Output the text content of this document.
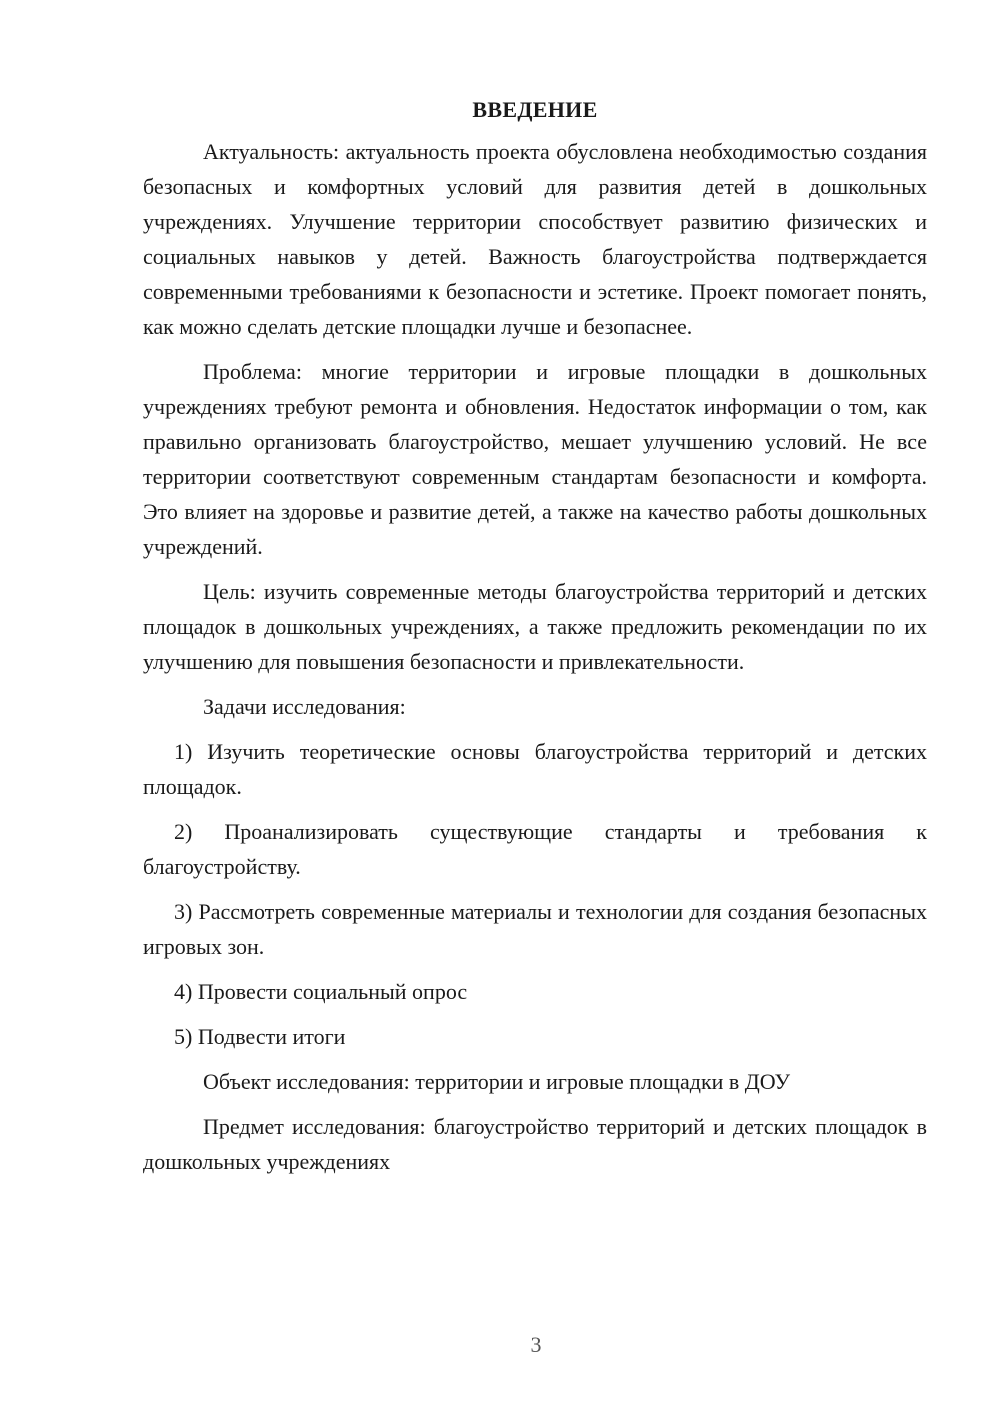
ВВЕДЕНИЕ

Актуальность: актуальность проекта обусловлена необходимостью создания безопасных и комфортных условий для развития детей в дошкольных учреждениях. Улучшение территории способствует развитию физических и социальных навыков у детей. Важность благоустройства подтверждается современными требованиями к безопасности и эстетике. Проект помогает понять, как можно сделать детские площадки лучше и безопаснее.

Проблема: многие территории и игровые площадки в дошкольных учреждениях требуют ремонта и обновления. Недостаток информации о том, как правильно организовать благоустройство, мешает улучшению условий. Не все территории соответствуют современным стандартам безопасности и комфорта. Это влияет на здоровье и развитие детей, а также на качество работы дошкольных учреждений.

Цель: изучить современные методы благоустройства территорий и детских площадок в дошкольных учреждениях, а также предложить рекомендации по их улучшению для повышения безопасности и привлекательности.

Задачи исследования:

1) Изучить теоретические основы благоустройства территорий и детских площадок.

2) Проанализировать существующие стандарты и требования к благоустройству.

3) Рассмотреть современные материалы и технологии для создания безопасных игровых зон.

4) Провести социальный опрос

5) Подвести итоги

Объект исследования: территории и игровые площадки в ДОУ

Предмет исследования: благоустройство территорий и детских площадок в дошкольных учреждениях

3
